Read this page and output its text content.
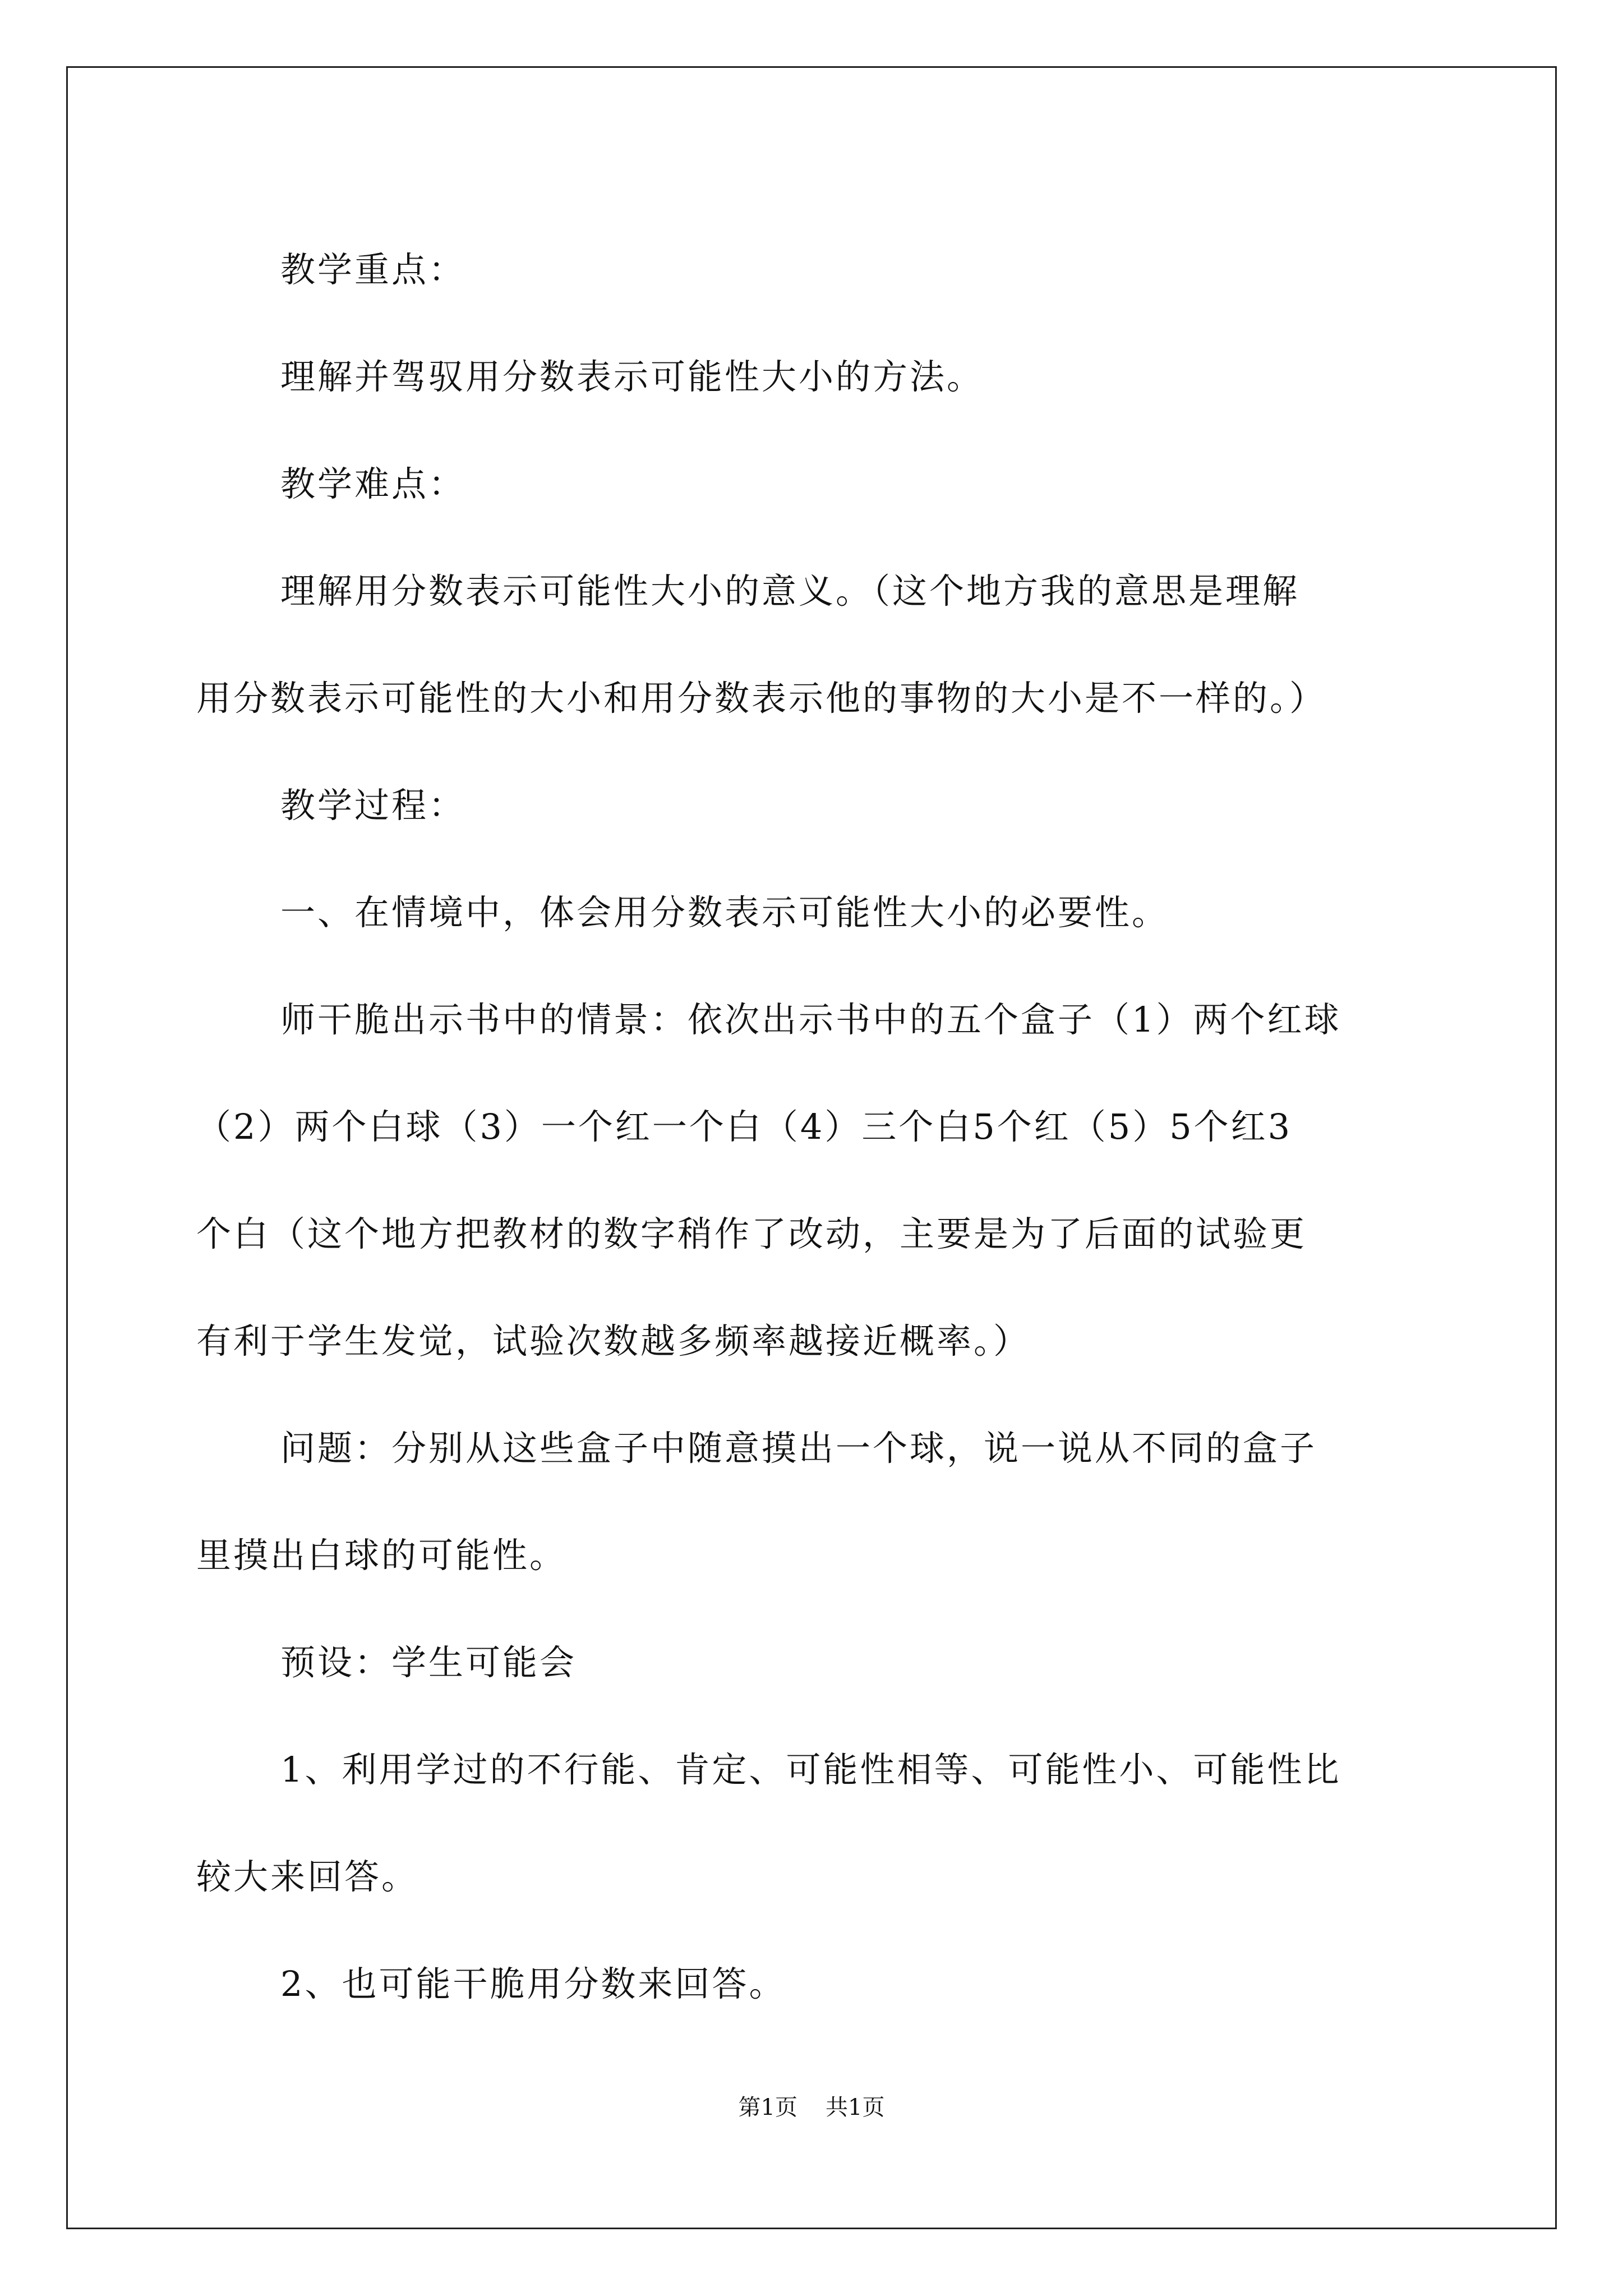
教学重点：

理解并驾驭用分数表示可能性大小的方法。

教学难点：

理解用分数表示可能性大小的意义。（这个地方我的意思是理解

用分数表示可能性的大小和用分数表示他的事物的大小是不一样的。）

教学过程：

一、在情境中，体会用分数表示可能性大小的必要性。

师干脆出示书中的情景：依次出示书中的五个盒子（1）两个红球

（2）两个白球（3）一个红一个白（4）三个白5个红（5）5个红3

个白（这个地方把教材的数字稍作了改动，主要是为了后面的试验更

有利于学生发觉，试验次数越多频率越接近概率。）

问题：分别从这些盒子中随意摸出一个球，说一说从不同的盒子

里摸出白球的可能性。

预设：学生可能会

1、利用学过的不行能、肯定、可能性相等、可能性小、可能性比

较大来回答。

2、也可能干脆用分数来回答。

第1页 共1页
